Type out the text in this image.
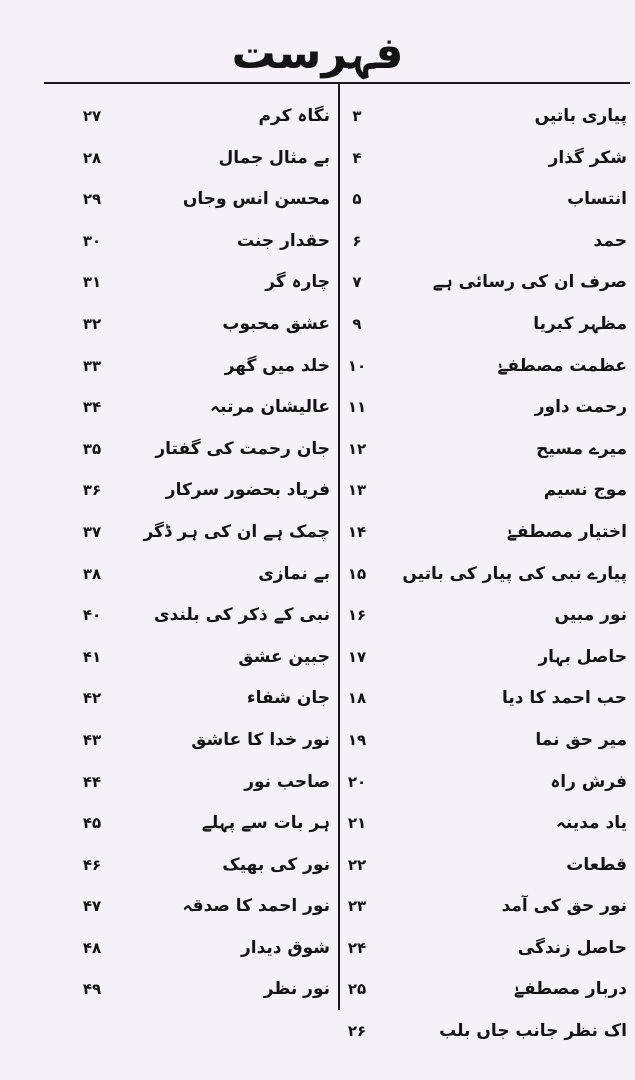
فہرست
پیاری باتیں
۳
شکر گذار
۴
انتساب
۵
حمد
۶
صرف ان کی رسائی ہے
۷
مظہر کبریا
۹
عظمت مصطفےٰ
۱۰
رحمت داور
۱۱
میرے مسیح
۱۲
موج نسیم
۱۳
اختیار مصطفےٰ
۱۴
پیارے نبی کی پیار کی باتیں
۱۵
نور مبیں
۱۶
حاصل بہار
۱۷
حب احمد کا دیا
۱۸
میر حق نما
۱۹
فرش راہ
۲۰
یاد مدینہ
۲۱
قطعات
۲۲
نور حق کی آمد
۲۳
حاصل زندگی
۲۴
دربار مصطفےٰ
۲۵
اک نظر جانب جاں بلب
۲۶
نگاہ کرم
۲۷
بے مثال جمال
۲۸
محسن انس وجاں
۲۹
حقدار جنت
۳۰
چارہ گر
۳۱
عشق محبوب
۳۲
خلد میں گھر
۳۳
عالیشان مرتبہ
۳۴
جان رحمت کی گفتار
۳۵
فریاد بحضور سرکار
۳۶
چمک ہے ان کی ہر ڈگر
۳۷
بے نمازی
۳۸
نبی کے ذکر کی بلندی
۴۰
جبین عشق
۴۱
جان شفاء
۴۲
نور خدا کا عاشق
۴۳
صاحب نور
۴۴
ہر بات سے پہلے
۴۵
نور کی بھیک
۴۶
نور احمد کا صدقہ
۴۷
شوق دیدار
۴۸
نور نظر
۴۹
